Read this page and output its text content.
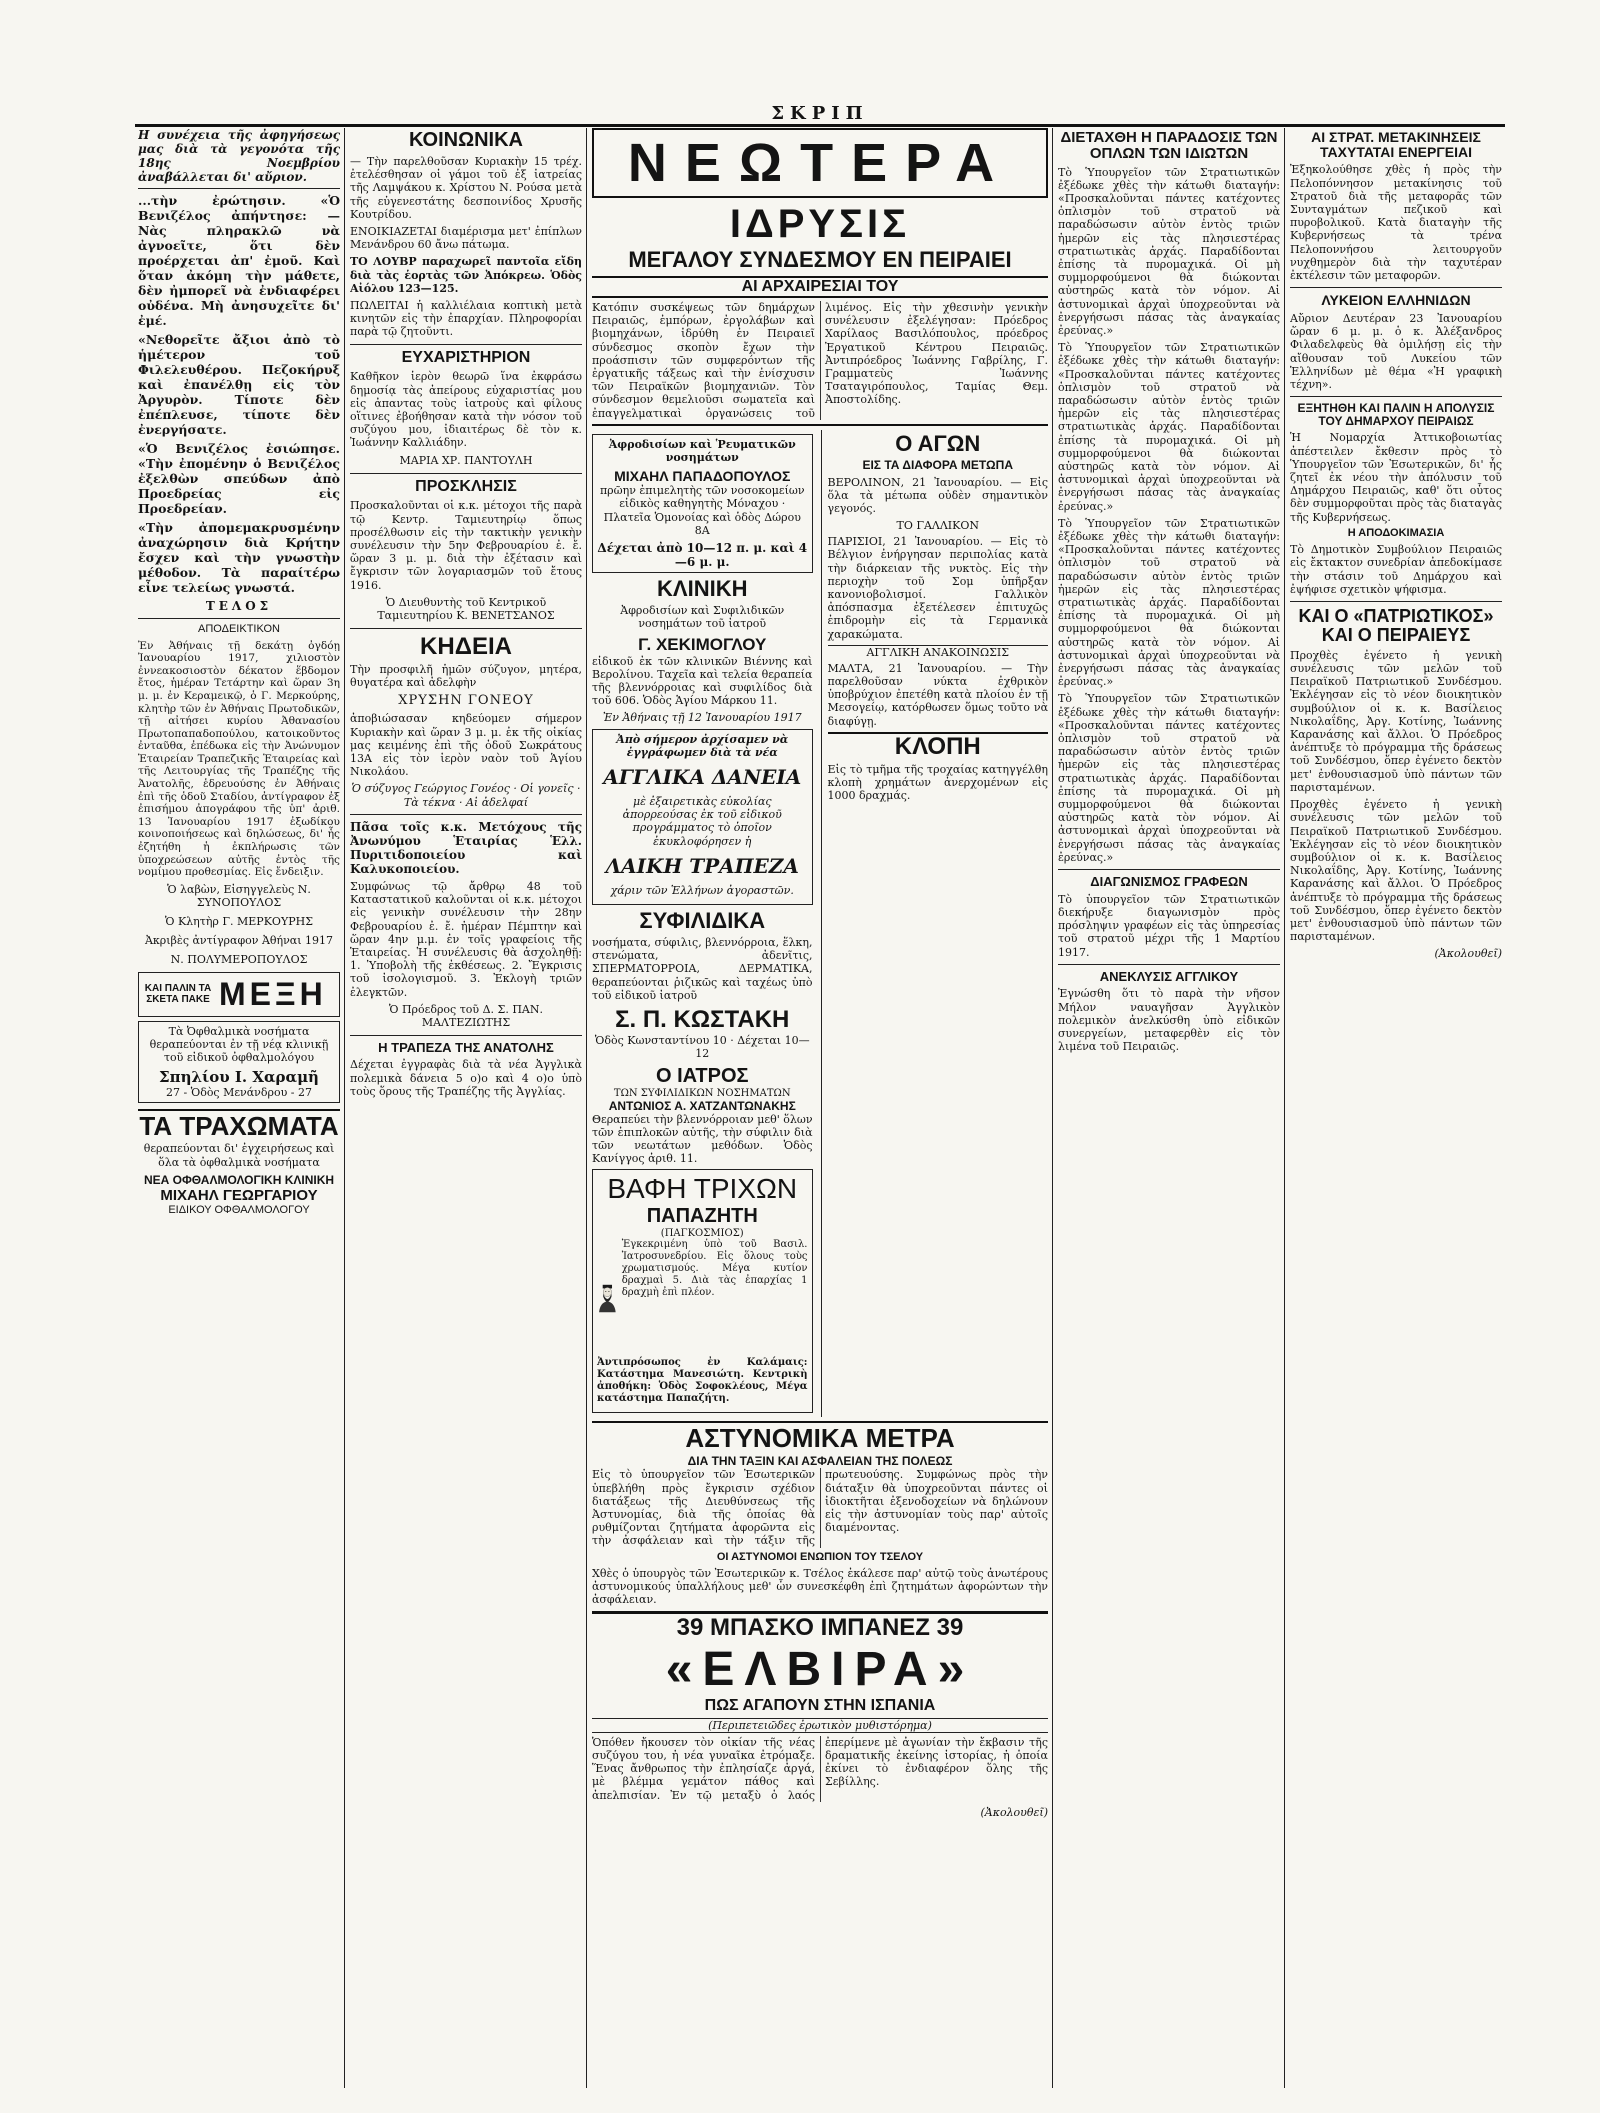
ΣΚΡΙΠ

Η συνέχεια τῆς ἀφηγήσεως μας διὰ τὰ γεγονότα τῆς 18ης Νοεμβρίου ἀναβάλλεται δι' αὔριον.

...τὴν ἐρώτησιν. «Ὁ Βενιζέλος ἀπήντησε: — Νὰς πληρακλῶ νὰ ἀγνοεῖτε, ὅτι δὲν προέρχεται ἀπ' ἐμοῦ. Καὶ ὅταν ἀκόμη τὴν μάθετε, δὲν ἠμπορεῖ νὰ ἐνδιαφέρει οὐδένα. Μὴ ἀνησυχεῖτε δι' ἐμέ.

«Νεθορεῖτε ἄξιοι ἀπὸ τὸ ἡμέτερον τοῦ Φιλελευθέρου. Πεζοκήρυξ καὶ ἐπανέλθῃ εἰς τὸν Ἀργυρὸν. Τίποτε δὲν ἐπέπλευσε, τίποτε δὲν ἐνεργήσατε.

«Ὁ Βενιζέλος ἐσιώπησε. «Τὴν ἐπομένην ὁ Βενιζέλος ἐξελθὼν σπεύδων ἀπὸ Προεδρείας εἰς Προεδρείαν.

«Τὴν ἀπομεμακρυσμένην ἀναχώρησιν διὰ Κρήτην ἔσχεν καὶ τὴν γνωστὴν μέθοδον. Τὰ παραίτέρω εἶνε τελείως γνωστά.

ΤΕΛΟΣ
ΑΠΟΔΕΙΚΤΙΚΟΝ

Ἐν Ἀθήναις τῇ δεκάτῃ ὀγδόῃ Ἰανουαρίου 1917, χιλιοστὸν ἐννεακοσιοστὸν δέκατον ἕβδομον ἔτος, ἡμέραν Τετάρτην καὶ ὥραν 3η μ. μ. ἐν Κεραμεικῷ, ὁ Γ. Μερκούρης, κλητὴρ τῶν ἐν Ἀθήναις Πρωτοδικῶν, τῇ αἰτήσει κυρίου Ἀθανασίου Πρωτοπαπαδοπούλου, κατοικοῦντος ἐνταῦθα, ἐπέδωκα εἰς τὴν Ἀνώνυμον Ἑταιρείαν Τραπεζικῆς Ἑταιρείας καὶ τῆς Λειτουργίας τῆς Τραπέζης τῆς Ἀνατολῆς, ἑδρευούσης ἐν Ἀθήναις ἐπὶ τῆς ὁδοῦ Σταδίου, ἀντίγραφον ἐξ ἐπισήμου ἀπογράφου τῆς ὑπ' ἀριθ. 13 Ἰανουαρίου 1917 ἐξωδίκου κοινοποιήσεως καὶ δηλώσεως, δι' ἧς ἐζητήθη ἡ ἐκπλήρωσις τῶν ὑποχρεώσεων αὐτῆς ἐντὸς τῆς νομίμου προθεσμίας. Εἰς ἔνδειξιν.

Ὁ λαβὼν, Εἰσηγγελεὺς Ν. ΣΥΝΟΠΟΥΛΟΣ
Ὁ Κλητὴρ Γ. ΜΕΡΚΟΥΡΗΣ
Ἀκριβὲς ἀντίγραφον Ἀθήναι 1917
Ν. ΠΟΛΥΜΕΡΟΠΟΥΛΟΣ
ΚΑΙ ΠΑΛΙΝ ΤΑ ΣΚΕΤΑ ΠΑΚΕ ΜΕΞΗ

Τὰ Ὀφθαλμικὰ νοσήματα θεραπεύονται ἐν τῇ νέᾳ κλινικῇ τοῦ εἰδικοῦ ὀφθαλμολόγου

Σπηλίου Ι. Χαραμῆ
27 - Ὁδὸς Μενάνδρου - 27
ΤΑ ΤΡΑΧΩΜΑΤΑ

θεραπεύονται δι' ἐγχειρήσεως καὶ ὅλα τὰ ὀφθαλμικὰ νοσήματα

ΝΕΑ ΟΦΘΑΛΜΟΛΟΓΙΚΗ ΚΛΙΝΙΚΗ
ΜΙΧΑΗΛ ΓΕΩΡΓΑΡΙΟΥ
ΕΙΔΙΚΟΥ ΟΦΘΑΛΜΟΛΟΓΟΥ
ΚΟΙΝΩΝΙΚΑ

— Τὴν παρελθοῦσαν Κυριακὴν 15 τρέχ. ἐτελέσθησαν οἱ γάμοι τοῦ ἐξ ἰατρείας τῆς Λαμψάκου κ. Χρίστου Ν. Ρούσα μετὰ τῆς εὐγενεστάτης δεσποινίδος Χρυσῆς Κουτρίδου.

ΕΝΟΙΚΙΑΖΕΤΑΙ διαμέρισμα μετ' ἐπίπλων Μενάνδρου 60 ἄνω πάτωμα.

ΤΟ ΛΟΥΒΡ παραχωρεῖ παντοῖα εἴδη διὰ τὰς ἑορτὰς τῶν Ἀπόκρεω. Ὁδὸς Αἰόλου 123—125.

ΠΩΛΕΙΤΑΙ ἡ καλλιέλαια κοπτικὴ μετὰ κινητῶν εἰς τὴν ἐπαρχίαν. Πληροφορίαι παρὰ τῷ ζητοῦντι.

ΕΥΧΑΡΙΣΤΗΡΙΟΝ

Καθῆκον ἱερὸν θεωρῶ ἵνα ἐκφράσω δημοσίᾳ τὰς ἀπείρους εὐχαριστίας μου εἰς ἀπαντας τοὺς ἰατροὺς καὶ φίλους οἵτινες ἐβοήθησαν κατὰ τὴν νόσον τοῦ συζύγου μου, ἰδιαιτέρως δὲ τὸν κ. Ἰωάννην Καλλιάδην.

ΜΑΡΙΑ ΧΡ. ΠΑΝΤΟΥΛΗ
ΠΡΟΣΚΛΗΣΙΣ

Προσκαλοῦνται οἱ κ.κ. μέτοχοι τῆς παρὰ τῷ Κεντρ. Ταμιευτηρίῳ ὅπως προσέλθωσιν εἰς τὴν τακτικὴν γενικὴν συνέλευσιν τὴν 5ην Φεβρουαρίου ἐ. ἔ. ὥραν 3 μ. μ. διὰ τὴν ἐξέτασιν καὶ ἔγκρισιν τῶν λογαριασμῶν τοῦ ἔτους 1916.

Ὁ Διευθυντὴς τοῦ Κεντρικοῦ Ταμιευτηρίου Κ. ΒΕΝΕΤΣΑΝΟΣ
ΚΗΔΕΙΑ

Τὴν προσφιλῆ ἡμῶν σύζυγον, μητέρα, θυγατέρα καὶ ἀδελφὴν

ΧΡΥΣΗΝ ΓΟΝΕΟΥ

ἀποβιώσασαν κηδεύομεν σήμερον Κυριακὴν καὶ ὥραν 3 μ. μ. ἐκ τῆς οἰκίας μας κειμένης ἐπὶ τῆς ὁδοῦ Σωκράτους 13Α εἰς τὸν ἱερὸν ναὸν τοῦ Ἁγίου Νικολάου.

Ὁ σύζυγος Γεώργιος Γονέος · Οἱ γονεῖς · Τὰ τέκνα · Αἱ ἀδελφαί

Πᾶσα τοῖς κ.κ. Μετόχους τῆς Ἀνωνύμου Ἑταιρίας Ἑλλ. Πυριτιδοποιείου καὶ Καλυκοποιείου.

Συμφώνως τῷ ἄρθρῳ 48 τοῦ Καταστατικοῦ καλοῦνται οἱ κ.κ. μέτοχοι εἰς γενικὴν συνέλευσιν τὴν 28ην Φεβρουαρίου ἐ. ἔ. ἡμέραν Πέμπτην καὶ ὥραν 4ην μ.μ. ἐν τοῖς γραφείοις τῆς Ἑταιρείας. Ἡ συνέλευσις θὰ ἀσχοληθῇ: 1. Ὑποβολὴ τῆς ἐκθέσεως. 2. Ἔγκρισις τοῦ ἰσολογισμοῦ. 3. Ἐκλογὴ τριῶν ἐλεγκτῶν.

Ὁ Πρόεδρος τοῦ Δ. Σ. ΠΑΝ. ΜΑΛΤΕΖΙΩΤΗΣ
Η ΤΡΑΠΕΖΑ ΤΗΣ ΑΝΑΤΟΛΗΣ

Δέχεται ἐγγραφὰς διὰ τὰ νέα Ἀγγλικὰ πολεμικὰ δάνεια 5 ο)ο καὶ 4 ο)ο ὑπὸ τοὺς ὅρους τῆς Τραπέζης τῆς Ἀγγλίας.

ΝΕΩΤΕΡΑ
ΙΔΡΥΣΙΣ
ΜΕΓΑΛΟΥ ΣΥΝΔΕΣΜΟΥ ΕΝ ΠΕΙΡΑΙΕΙ
ΑΙ ΑΡΧΑΙΡΕΣΙΑΙ ΤΟΥ

Κατόπιν συσκέψεως τῶν δημάρχων Πειραιῶς, ἐμπόρων, ἐργολάβων καὶ βιομηχάνων, ἱδρύθη ἐν Πειραιεῖ σύνδεσμος σκοπὸν ἔχων τὴν προάσπισιν τῶν συμφερόντων τῆς ἐργατικῆς τάξεως καὶ τὴν ἐνίσχυσιν τῶν Πειραϊκῶν βιομηχανιῶν. Τὸν σύνδεσμον θεμελιοῦσι σωματεῖα καὶ ἐπαγγελματικαὶ ὀργανώσεις τοῦ λιμένος. Εἰς τὴν χθεσινὴν γενικὴν συνέλευσιν ἐξελέγησαν: Πρόεδρος Χαρίλαος Βασιλόπουλος, πρόεδρος Ἐργατικοῦ Κέντρου Πειραιῶς. Ἀντιπρόεδρος Ἰωάννης Γαβρίλης, Γ. Γραμματεὺς Ἰωάννης Τσαταγιρόπουλος, Ταμίας Θεμ. Ἀποστολίδης.

Ἀφροδισίων καὶ Ῥευματικῶν νοσημάτων

ΜΙΧΑΗΛ ΠΑΠΑΔΟΠΟΥΛΟΣ

πρῶην ἐπιμελητὴς τῶν νοσοκομείων εἰδικὸς καθηγητὴς Μόναχου · Πλατεῖα Ὁμονοίας καὶ ὁδὸς Δώρου 8Α

Δέχεται ἀπὸ 10—12 π. μ. καὶ 4—6 μ. μ.
ΚΛΙΝΙΚΗ

Ἀφροδισίων καὶ Συφιλιδικῶν νοσημάτων τοῦ ἰατροῦ

Γ. ΧΕΚΙΜΟΓΛΟΥ

εἰδικοῦ ἐκ τῶν κλινικῶν Βιέννης καὶ Βερολίνου. Ταχεῖα καὶ τελεία θεραπεία τῆς βλεννόρροιας καὶ συφιλίδος διὰ τοῦ 606. Ὁδὸς Ἁγίου Μάρκου 11.

Ἐν Ἀθήναις τῇ 12 Ἰανουαρίου 1917

Ἀπὸ σήμερον ἀρχίσαμεν νὰ ἐγγράφωμεν διὰ τὰ νέα

ΑΓΓΛΙΚΑ ΔΑΝΕΙΑ

μὲ ἐξαιρετικὰς εὐκολίας ἀπορρεούσας ἐκ τοῦ εἰδικοῦ προγράμματος τὸ ὁποῖον ἐκυκλοφόρησεν ἡ

ΛΑΙΚΗ ΤΡΑΠΕΖΑ

χάριν τῶν Ἑλλήνων ἀγοραστῶν.

ΣΥΦΙΛΙΔΙΚΑ

νοσήματα, σύφιλις, βλεννόρροια, ἕλκη, στενώματα, ἀδενῖτις, ΣΠΕΡΜΑΤΟΡΡΟΙΑ, ΔΕΡΜΑΤΙΚΑ, θεραπεύονται ῥιζικῶς καὶ ταχέως ὑπὸ τοῦ εἰδικοῦ ἰατροῦ

Σ. Π. ΚΩΣΤΑΚΗ

Ὁδὸς Κωνσταντίνου 10 · Δέχεται 10—12

Ο ΙΑΤΡΟΣ
ΤΩΝ ΣΥΦΙΛΙΔΙΚΩΝ ΝΟΣΗΜΑΤΩΝ
ΑΝΤΩΝΙΟΣ Α. ΧΑΤΖΑΝΤΩΝΑΚΗΣ

Θεραπεύει τὴν βλεννόρροιαν μεθ' ὅλων τῶν ἐπιπλοκῶν αὐτῆς, τὴν σύφιλιν διὰ τῶν νεωτάτων μεθόδων. Ὁδὸς Κανίγγος ἀριθ. 11.

ΒΑΦΗ ΤΡΙΧΩΝ
ΠΑΠΑΖΗΤΗ
(ΠΑΓΚΟΣΜΙΟΣ)

Ἐγκεκριμένη ὑπὸ τοῦ Βασιλ. Ἰατροσυνεδρίου. Εἰς ὅλους τοὺς χρωματισμούς. Μέγα κυτίον δραχμαὶ 5. Διὰ τὰς ἐπαρχίας 1 δραχμὴ ἐπὶ πλέον.

Ἀντιπρόσωπος ἐν Καλάμαις: Κατάστημα Μανεσιώτη. Κεντρικὴ ἀποθήκη: Ὁδὸς Σοφοκλέους, Μέγα κατάστημα Παπαζήτη.

Ο ΑΓΩΝ
ΕΙΣ ΤΑ ΔΙΑΦΟΡΑ ΜΕΤΩΠΑ

ΒΕΡΟΛΙΝΟΝ, 21 Ἰανουαρίου. — Εἰς ὅλα τὰ μέτωπα οὐδὲν σημαντικὸν γεγονός.

ΤΟ ΓΑΛΛΙΚΟΝ

ΠΑΡΙΣΙΟΙ, 21 Ἰανουαρίου. — Εἰς τὸ Βέλγιον ἐνήργησαν περιπολίας κατὰ τὴν διάρκειαν τῆς νυκτὸς. Εἰς τὴν περιοχὴν τοῦ Σομ ὑπῆρξαν κανονιοβολισμοί. Γαλλικὸν ἀπόσπασμα ἐξετέλεσεν ἐπιτυχῶς ἐπιδρομὴν εἰς τὰ Γερμανικὰ χαρακώματα.

ΑΓΓΛΙΚΗ ΑΝΑΚΟΙΝΩΣΙΣ

ΜΑΛΤΑ, 21 Ἰανουαρίου. — Τὴν παρελθοῦσαν νύκτα ἐχθρικὸν ὑποβρύχιον ἐπετέθη κατὰ πλοίου ἐν τῇ Μεσογείῳ, κατόρθωσεν ὅμως τοῦτο νὰ διαφύγῃ.

ΚΛΟΠΗ

Εἰς τὸ τμῆμα τῆς τροχαίας κατηγγέλθη κλοπὴ χρημάτων ἀνερχομένων εἰς 1000 δραχμάς.

ΑΣΤΥΝΟΜΙΚΑ ΜΕΤΡΑ
ΔΙΑ ΤΗΝ ΤΑΞΙΝ ΚΑΙ ΑΣΦΑΛΕΙΑΝ ΤΗΣ ΠΟΛΕΩΣ

Εἰς τὸ ὑπουργεῖον τῶν Ἐσωτερικῶν ὑπεβλήθη πρὸς ἔγκρισιν σχέδιον διατάξεως τῆς Διευθύνσεως τῆς Ἀστυνομίας, διὰ τῆς ὁποίας θὰ ρυθμίζονται ζητήματα ἀφορῶντα εἰς τὴν ἀσφάλειαν καὶ τὴν τάξιν τῆς πρωτευούσης. Συμφώνως πρὸς τὴν διάταξιν θὰ ὑποχρεοῦνται πάντες οἱ ἰδιοκτῆται ἐξενοδοχείων νὰ δηλώνουν εἰς τὴν ἀστυνομίαν τοὺς παρ' αὐτοῖς διαμένοντας.

ΟΙ ΑΣΤΥΝΟΜΟΙ ΕΝΩΠΙΟΝ ΤΟΥ ΤΣΕΛΟΥ

Χθὲς ὁ ὑπουργὸς τῶν Ἐσωτερικῶν κ. Τσέλος ἐκάλεσε παρ' αὐτῷ τοὺς ἀνωτέρους ἀστυνομικούς ὑπαλλήλους μεθ' ὧν συνεσκέφθη ἐπὶ ζητημάτων ἀφορώντων τὴν ἀσφάλειαν.

39 ΜΠΑΣΚΟ ΙΜΠΑΝΕΖ 39
«ΕΛΒΙΡΑ»
ΠΩΣ ΑΓΑΠΟΥΝ ΣΤΗΝ ΙΣΠΑΝΙΑ
(Περιπετειῶδες ἐρωτικὸν μυθιστόρημα)

Ὁπόθεν ἤκουσεν τὸν οἰκίαν τῆς νέας συζύγου του, ἡ νέα γυναῖκα ἐτρόμαξε. Ἕνας ἄνθρωπος τὴν ἐπλησίαζε ἀργά, μὲ βλέμμα γεμάτον πάθος καὶ ἀπελπισίαν. Ἐν τῷ μεταξὺ ὁ λαός ἐπερίμενε μὲ ἀγωνίαν τὴν ἔκβασιν τῆς δραματικῆς ἐκείνης ἱστορίας, ἡ ὁποία ἐκίνει τὸ ἐνδιαφέρον ὅλης τῆς Σεβίλλης.

(Ἀκολουθεῖ)
ΔΙΕΤΑΧΘΗ Η ΠΑΡΑΔΟΣΙΣ ΤΩΝ ΟΠΛΩΝ ΤΩΝ ΙΔΙΩΤΩΝ

Τὸ Ὑπουργεῖον τῶν Στρατιωτικῶν ἐξέδωκε χθὲς τὴν κάτωθι διαταγήν: «Προσκαλοῦνται πάντες κατέχοντες ὁπλισμὸν τοῦ στρατοῦ νὰ παραδώσωσιν αὐτὸν ἐντὸς τριῶν ἡμερῶν εἰς τὰς πλησιεστέρας στρατιωτικὰς ἀρχάς. Παραδίδονται ἐπίσης τὰ πυρομαχικά. Οἱ μὴ συμμορφούμενοι θὰ διώκονται αὐστηρῶς κατὰ τὸν νόμον. Αἱ ἀστυνομικαὶ ἀρχαὶ ὑποχρεοῦνται νὰ ἐνεργήσωσι πάσας τὰς ἀναγκαίας ἐρεύνας.»

Τὸ Ὑπουργεῖον τῶν Στρατιωτικῶν ἐξέδωκε χθὲς τὴν κάτωθι διαταγήν: «Προσκαλοῦνται πάντες κατέχοντες ὁπλισμὸν τοῦ στρατοῦ νὰ παραδώσωσιν αὐτὸν ἐντὸς τριῶν ἡμερῶν εἰς τὰς πλησιεστέρας στρατιωτικὰς ἀρχάς. Παραδίδονται ἐπίσης τὰ πυρομαχικά. Οἱ μὴ συμμορφούμενοι θὰ διώκονται αὐστηρῶς κατὰ τὸν νόμον. Αἱ ἀστυνομικαὶ ἀρχαὶ ὑποχρεοῦνται νὰ ἐνεργήσωσι πάσας τὰς ἀναγκαίας ἐρεύνας.»

Τὸ Ὑπουργεῖον τῶν Στρατιωτικῶν ἐξέδωκε χθὲς τὴν κάτωθι διαταγήν: «Προσκαλοῦνται πάντες κατέχοντες ὁπλισμὸν τοῦ στρατοῦ νὰ παραδώσωσιν αὐτὸν ἐντὸς τριῶν ἡμερῶν εἰς τὰς πλησιεστέρας στρατιωτικὰς ἀρχάς. Παραδίδονται ἐπίσης τὰ πυρομαχικά. Οἱ μὴ συμμορφούμενοι θὰ διώκονται αὐστηρῶς κατὰ τὸν νόμον. Αἱ ἀστυνομικαὶ ἀρχαὶ ὑποχρεοῦνται νὰ ἐνεργήσωσι πάσας τὰς ἀναγκαίας ἐρεύνας.»

Τὸ Ὑπουργεῖον τῶν Στρατιωτικῶν ἐξέδωκε χθὲς τὴν κάτωθι διαταγήν: «Προσκαλοῦνται πάντες κατέχοντες ὁπλισμὸν τοῦ στρατοῦ νὰ παραδώσωσιν αὐτὸν ἐντὸς τριῶν ἡμερῶν εἰς τὰς πλησιεστέρας στρατιωτικὰς ἀρχάς. Παραδίδονται ἐπίσης τὰ πυρομαχικά. Οἱ μὴ συμμορφούμενοι θὰ διώκονται αὐστηρῶς κατὰ τὸν νόμον. Αἱ ἀστυνομικαὶ ἀρχαὶ ὑποχρεοῦνται νὰ ἐνεργήσωσι πάσας τὰς ἀναγκαίας ἐρεύνας.»

ΔΙΑΓΩΝΙΣΜΟΣ ΓΡΑΦΕΩΝ

Τὸ ὑπουργεῖον τῶν Στρατιωτικῶν διεκήρυξε διαγωνισμὸν πρὸς πρόσληψιν γραφέων εἰς τὰς ὑπηρεσίας τοῦ στρατοῦ μέχρι τῆς 1 Μαρτίου 1917.

ΑΝΕΚΛΥΣΙΣ ΑΓΓΛΙΚΟΥ

Ἐγνώσθη ὅτι τὸ παρὰ τὴν νῆσον Μήλον ναυαγῆσαν Ἀγγλικὸν πολεμικὸν ἀνελκύσθη ὑπὸ εἰδικῶν συνεργείων, μεταφερθὲν εἰς τὸν λιμένα τοῦ Πειραιῶς.

ΑΙ ΣΤΡΑΤ. ΜΕΤΑΚΙΝΗΣΕΙΣ ΤΑΧΥΤΑΤΑΙ ΕΝΕΡΓΕΙΑΙ

Ἐξηκολούθησε χθὲς ἡ πρὸς τὴν Πελοπόννησον μετακίνησις τοῦ Στρατοῦ διὰ τῆς μεταφορᾶς τῶν Συνταγμάτων πεζικοῦ καὶ πυροβολικοῦ. Κατὰ διαταγὴν τῆς Κυβερνήσεως τὰ τρένα Πελοποννήσου λειτουργοῦν νυχθημερὸν διὰ τὴν ταχυτέραν ἐκτέλεσιν τῶν μεταφορῶν.

ΛΥΚΕΙΟΝ ΕΛΛΗΝΙΔΩΝ

Αὔριον Δευτέραν 23 Ἰανουαρίου ὥραν 6 μ. μ. ὁ κ. Ἀλέξανδρος Φιλαδελφεὺς θὰ ὁμιλήσῃ εἰς τὴν αἴθουσαν τοῦ Λυκείου τῶν Ἑλληνίδων μὲ θέμα «Ἡ γραφικὴ τέχνη».

ΕΞΗΤΗΘΗ ΚΑΙ ΠΑΛΙΝ Η ΑΠΟΛΥΣΙΣ ΤΟΥ ΔΗΜΑΡΧΟΥ ΠΕΙΡΑΙΩΣ

Ἡ Νομαρχία Ἀττικοβοιωτίας ἀπέστειλεν ἔκθεσιν πρὸς τὸ Ὑπουργεῖον τῶν Ἐσωτερικῶν, δι' ἧς ζητεῖ ἐκ νέου τὴν ἀπόλυσιν τοῦ Δημάρχου Πειραιῶς, καθ' ὅτι οὗτος δὲν συμμορφοῦται πρὸς τὰς διαταγὰς τῆς Κυβερνήσεως.

Η ΑΠΟΔΟΚΙΜΑΣΙΑ

Τὸ Δημοτικὸν Συμβούλιον Πειραιῶς εἰς ἔκτακτον συνεδρίαν ἀπεδοκίμασε τὴν στάσιν τοῦ Δημάρχου καὶ ἐψήφισε σχετικὸν ψήφισμα.

ΚΑΙ Ο «ΠΑΤΡΙΩΤΙΚΟΣ» ΚΑΙ Ο ΠΕΙΡΑΙΕΥΣ

Προχθὲς ἐγένετο ἡ γενικὴ συνέλευσις τῶν μελῶν τοῦ Πειραϊκοῦ Πατριωτικοῦ Συνδέσμου. Ἐκλέγησαν εἰς τὸ νέον διοικητικὸν συμβούλιον οἱ κ. κ. Βασίλειος Νικολαΐδης, Ἀργ. Κοτίνης, Ἰωάννης Καρανάσης καὶ ἄλλοι. Ὁ Πρόεδρος ἀνέπτυξε τὸ πρόγραμμα τῆς δράσεως τοῦ Συνδέσμου, ὅπερ ἐγένετο δεκτὸν μετ' ἐνθουσιασμοῦ ὑπὸ πάντων τῶν παρισταμένων.

Προχθὲς ἐγένετο ἡ γενικὴ συνέλευσις τῶν μελῶν τοῦ Πειραϊκοῦ Πατριωτικοῦ Συνδέσμου. Ἐκλέγησαν εἰς τὸ νέον διοικητικὸν συμβούλιον οἱ κ. κ. Βασίλειος Νικολαΐδης, Ἀργ. Κοτίνης, Ἰωάννης Καρανάσης καὶ ἄλλοι. Ὁ Πρόεδρος ἀνέπτυξε τὸ πρόγραμμα τῆς δράσεως τοῦ Συνδέσμου, ὅπερ ἐγένετο δεκτὸν μετ' ἐνθουσιασμοῦ ὑπὸ πάντων τῶν παρισταμένων.

(Ἀκολουθεῖ)
